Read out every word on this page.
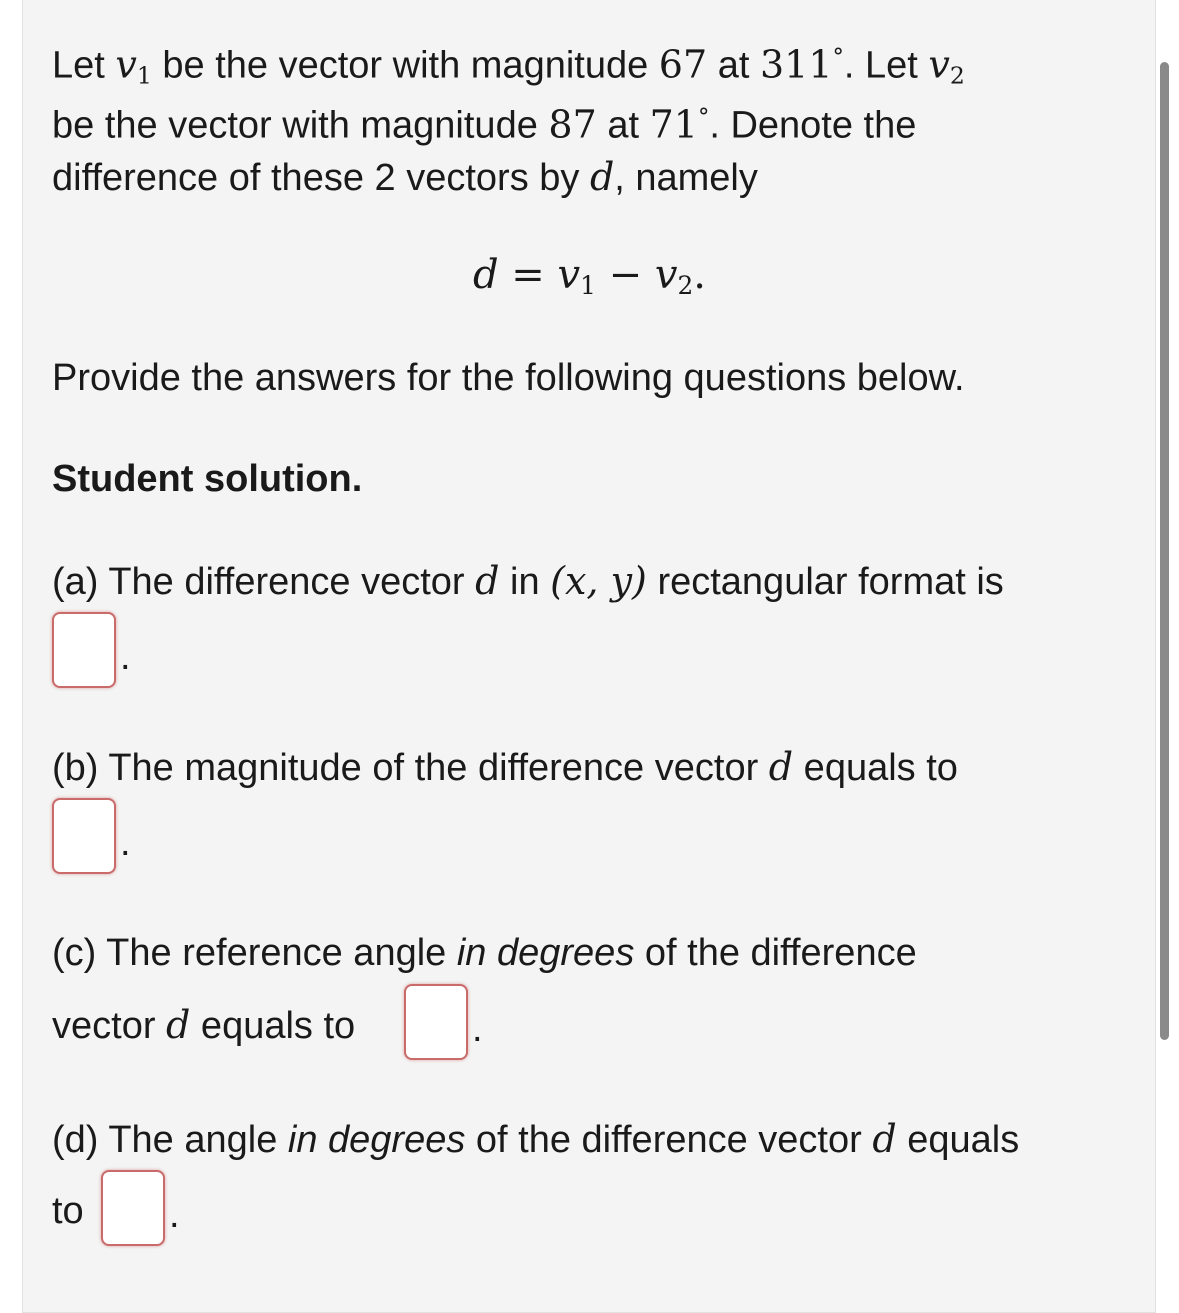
Let $v_1$ be the vector with magnitude 67 at 311°. Let $v_2$
be the vector with magnitude 87 at 71°. Denote the
difference of these 2 vectors by d, namely
$d = v_1 - v_2$.
Provide the answers for the following questions below.
Student solution.
(a) The difference vector d in (x, y) rectangular format is
.
(b) The magnitude of the difference vector d equals to
.
(c) The reference angle in degrees of the difference
vector d equals to	.
(d) The angle in degrees of the difference vector d equals
to .
